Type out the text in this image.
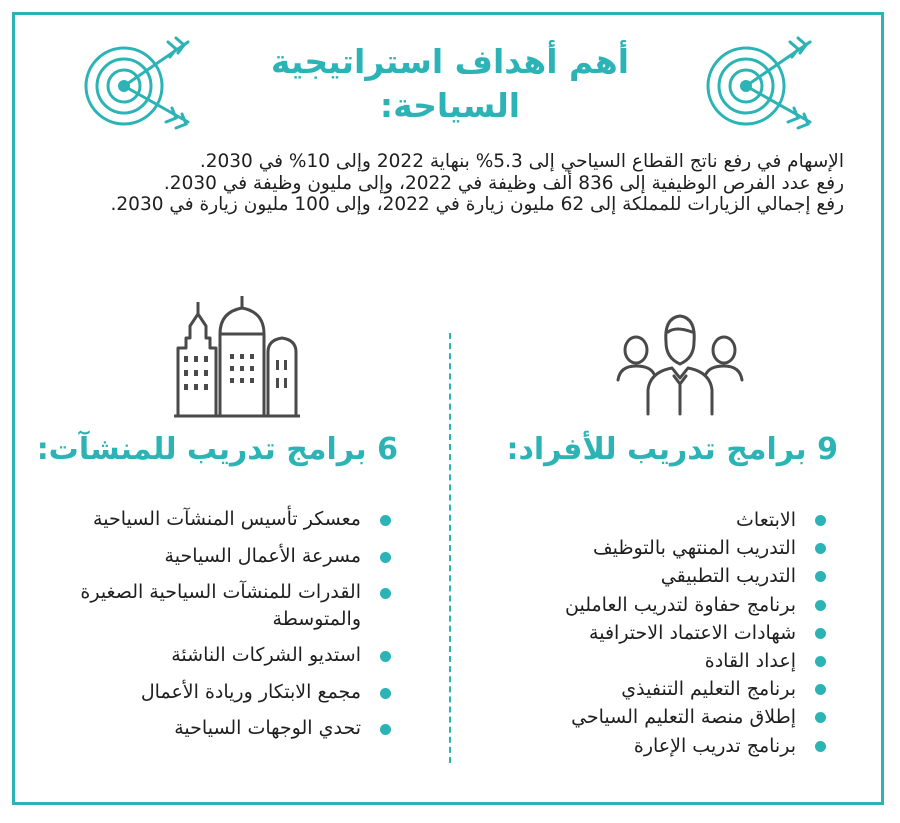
أهم أهداف استراتيجية
السياحة:

الإسهام في رفع ناتج القطاع السياحي إلى 5.3% بنهاية 2022 وإلى 10% في 2030.

رفع عدد الفرص الوظيفية إلى 836 ألف وظيفة في 2022، وإلى مليون وظيفة في 2030.

رفع إجمالي الزيارات للمملكة إلى 62 مليون زيارة في 2022، وإلى 100 مليون زيارة في 2030.

6 برامج تدريب للمنشآت:	9 برامج تدريب للأفراد:
الابتعاث
التدريب المنتهي بالتوظيف
التدريب التطبيقي
برنامج حفاوة لتدريب العاملين
شهادات الاعتماد الاحترافية
إعداد القادة
برنامج التعليم التنفيذي
إطلاق منصة التعليم السياحي
برنامج تدريب الإعارة
معسكر تأسيس المنشآت السياحية
مسرعة الأعمال السياحية
القدرات للمنشآت السياحية الصغيرة والمتوسطة
استديو الشركات الناشئة
مجمع الابتكار وريادة الأعمال
تحدي الوجهات السياحية
